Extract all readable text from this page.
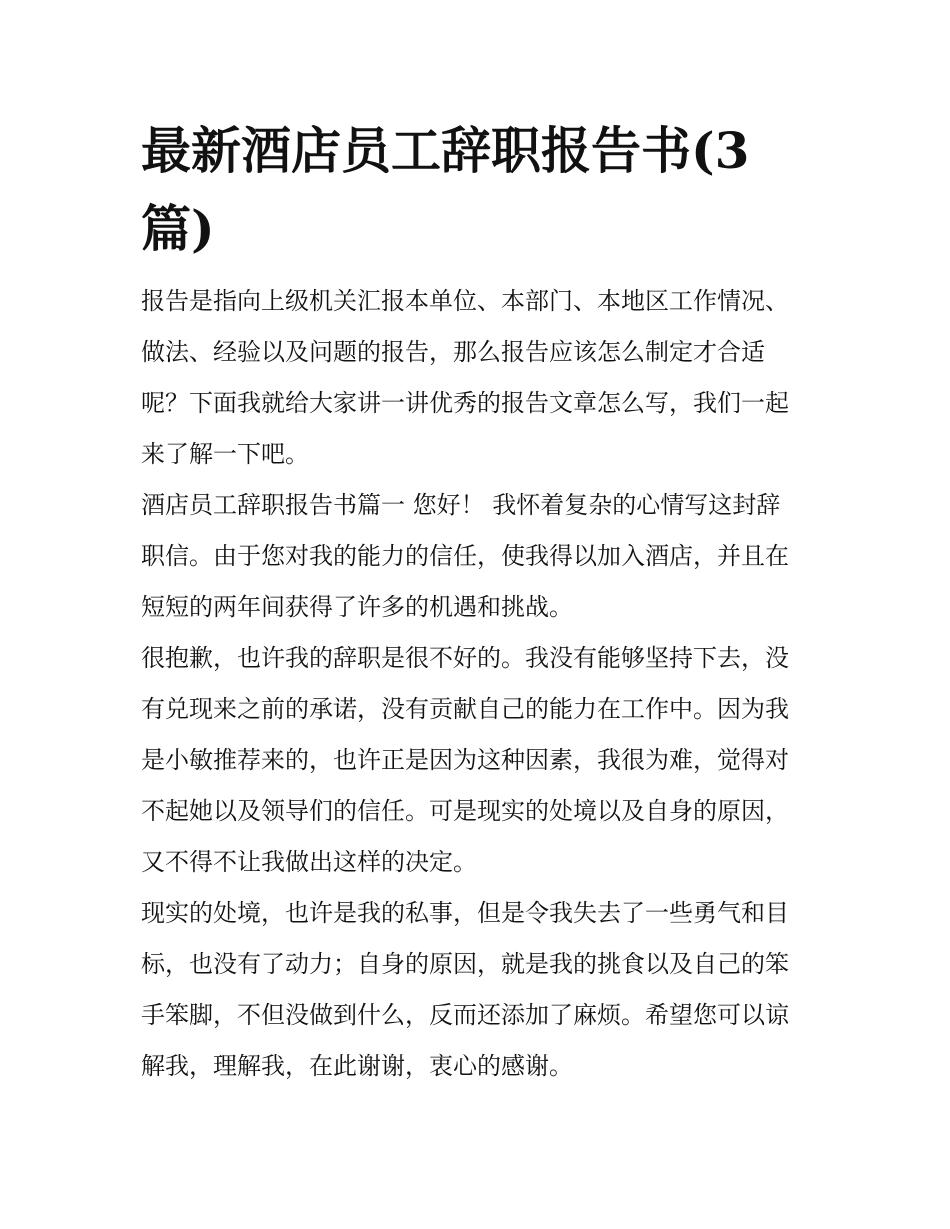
最新酒店员工辞职报告书(3篇)

报告是指向上级机关汇报本单位、本部门、本地区工作情况、

做法、经验以及问题的报告，那么报告应该怎么制定才合适

呢？下面我就给大家讲一讲优秀的报告文章怎么写，我们一起

来了解一下吧。

酒店员工辞职报告书篇一 您好！ 我怀着复杂的心情写这封辞

职信。由于您对我的能力的信任，使我得以加入酒店，并且在

短短的两年间获得了许多的机遇和挑战。

很抱歉，也许我的辞职是很不好的。我没有能够坚持下去，没

有兑现来之前的承诺，没有贡献自己的能力在工作中。因为我

是小敏推荐来的，也许正是因为这种因素，我很为难，觉得对

不起她以及领导们的信任。可是现实的处境以及自身的原因，

又不得不让我做出这样的决定。

现实的处境，也许是我的私事，但是令我失去了一些勇气和目

标，也没有了动力；自身的原因，就是我的挑食以及自己的笨

手笨脚，不但没做到什么，反而还添加了麻烦。希望您可以谅

解我，理解我，在此谢谢，衷心的感谢。
